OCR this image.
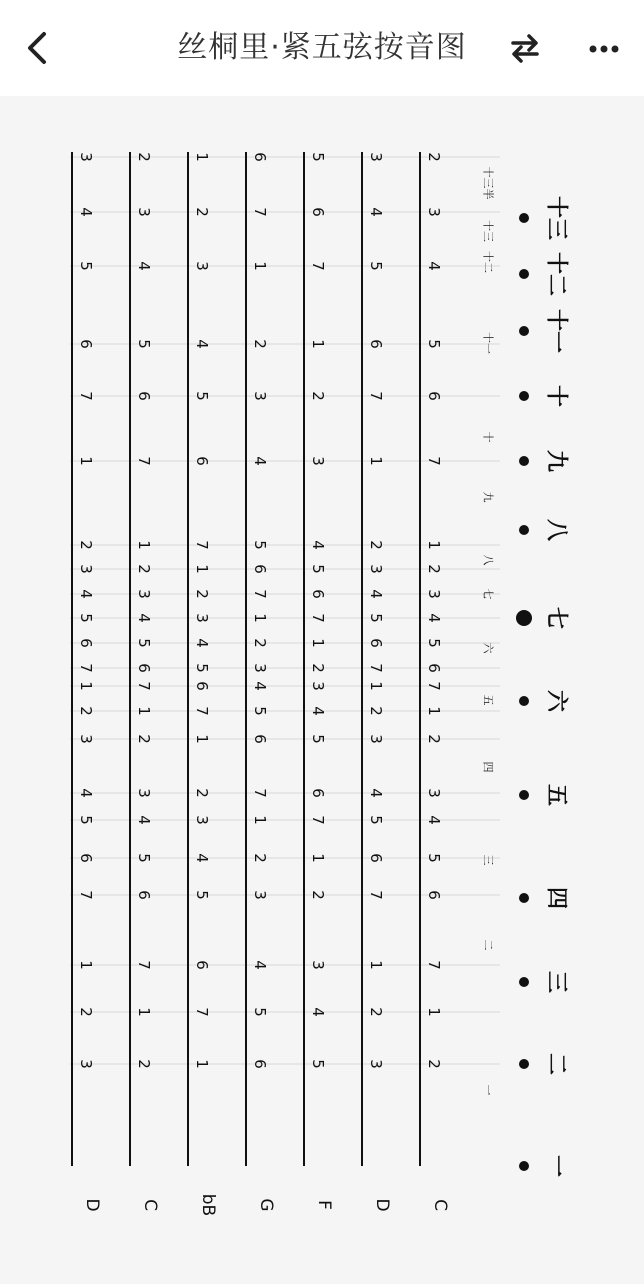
丝桐里·紧五弦按音图
2
3
4
5
6
7
1
2
3
4
5
6
7
1
2
3
4
5
6
7
1
2
3
4
5
6
7
1
2
3
4
5
6
7
1
2
3
4
5
6
7
1
2
3
5
6
7
1
2
3
4
5
6
7
1
2
3
4
5
6
7
1
2
3
4
5
6
7
1
2
3
4
5
6
7
1
2
3
4
5
6
7
1
2
3
4
5
6
1
2
3
4
5
6
7
1
2
3
4
5
6
7
1
2
3
4
5
6
7
1
2
3
4
5
6
7
1
2
3
4
5
6
7
1
2
3
4
5
6
7
1
2
3
4
5
6
7
1
2
3
4
5
6
7
1
2
3
4
5
6
7
1
2
3
十三半
十三
十二
十一
十
九
八
七
六
五
四
三
二
一
十三
十二
十一
十
九
八
七
六
五
四
三
二
一
C
D
F
G
bB
C
D
